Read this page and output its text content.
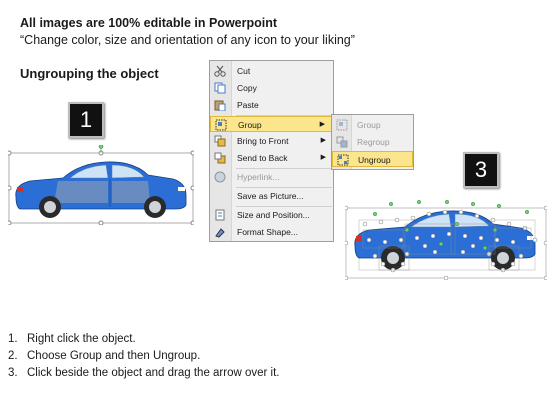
All images are 100% editable in Powerpoint
“Change color, size and orientation of any icon to your liking”
Ungrouping the object
1
3
Cut
Copy
Paste
Group	▶
Bring to Front	▶
Send to Back	▶
Hyperlink...
Save as Picture...
Size and Position...
Format Shape...
Group
Regroup
Ungroup
1. Right click the object.
2. Choose Group and then Ungroup.
3. Click beside the object and drag the arrow over it.
